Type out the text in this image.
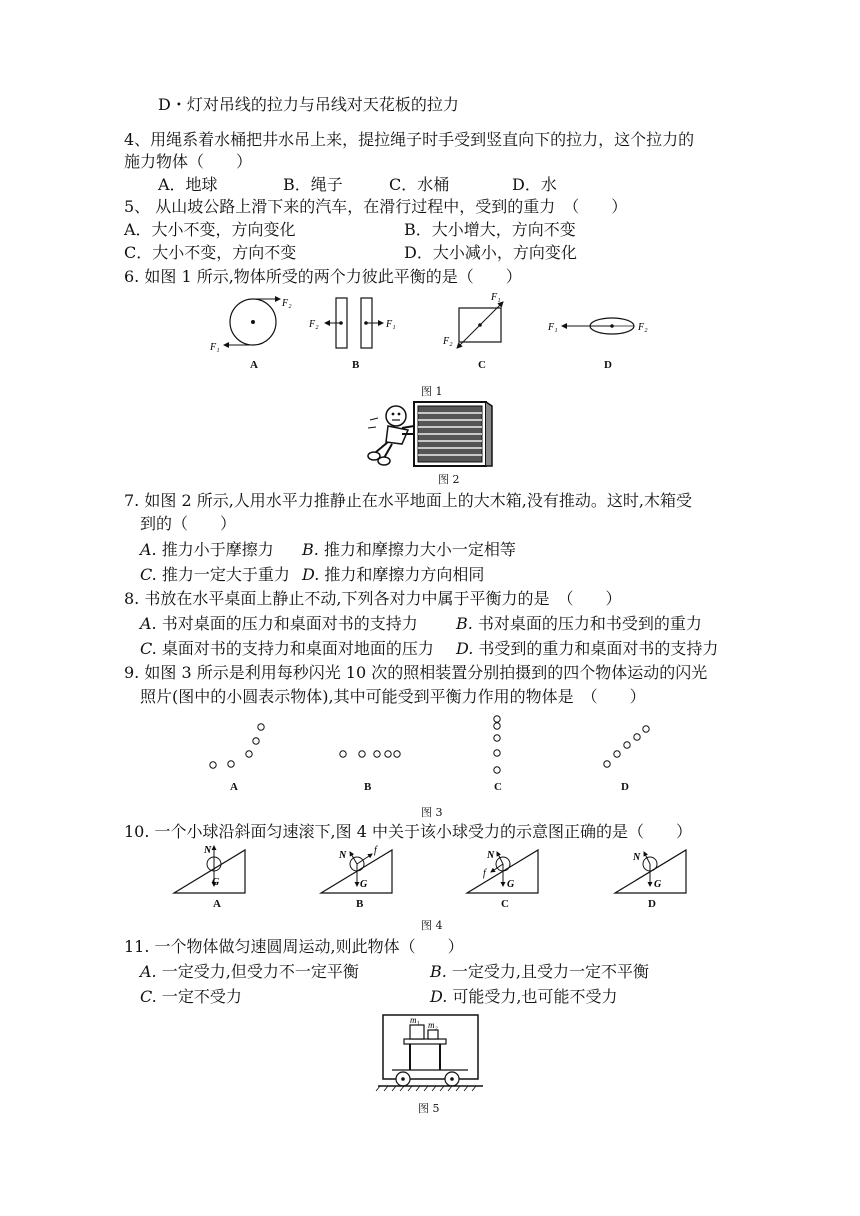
D・灯对吊线的拉力与吊线对天花板的拉力
4、用绳系着水桶把井水吊上来，提拉绳子时手受到竖直向下的拉力，这个拉力的
施力物体（　　）
A．地球	B．绳子	C．水桶	D．水
5、 从山坡公路上滑下来的汽车，在滑行过程中，受到的重力　（　　）
A．大小不变，方向变化	B．大小增大，方向不变
C．大小不变，方向不变	D．大小减小，方向变化
6. 如图 1 所示,物体所受的两个力彼此平衡的是（　　）
F₂
F₁
F₂	F₁
F₁
F₂
F₁	F₂
A	B	C	D
图 1
图 2
7. 如图 2 所示,人用水平力推静止在水平地面上的大木箱,没有推动。这时,木箱受
到的（　　）
A. 推力小于摩擦力 B. 推力和摩擦力大小一定相等
C. 推力一定大于重力 D. 推力和摩擦力方向相同
8. 书放在水平桌面上静止不动,下列各对力中属于平衡力的是　（　　）
A. 书对桌面的压力和桌面对书的支持力 B. 书对桌面的压力和书受到的重力
C. 桌面对书的支持力和桌面对地面的压力 D. 书受到的重力和桌面对书的支持力
9. 如图 3 所示是利用每秒闪光 10 次的照相装置分别拍摄到的四个物体运动的闪光
照片(图中的小圆表示物体),其中可能受到平衡力作用的物体是　（　　）
A	B	C	D
图 3
10. 一个小球沿斜面匀速滚下,图 4 中关于该小球受力的示意图正确的是（　　）
N
G
N	f
G
N
f
G
N
G
A	B	C	D
图 4
11. 一个物体做匀速圆周运动,则此物体（　　）
A. 一定受力,但受力不一定平衡	B. 一定受力,且受力一定不平衡
C. 一定不受力	D. 可能受力,也可能不受力
m₁ m₂
图 5
